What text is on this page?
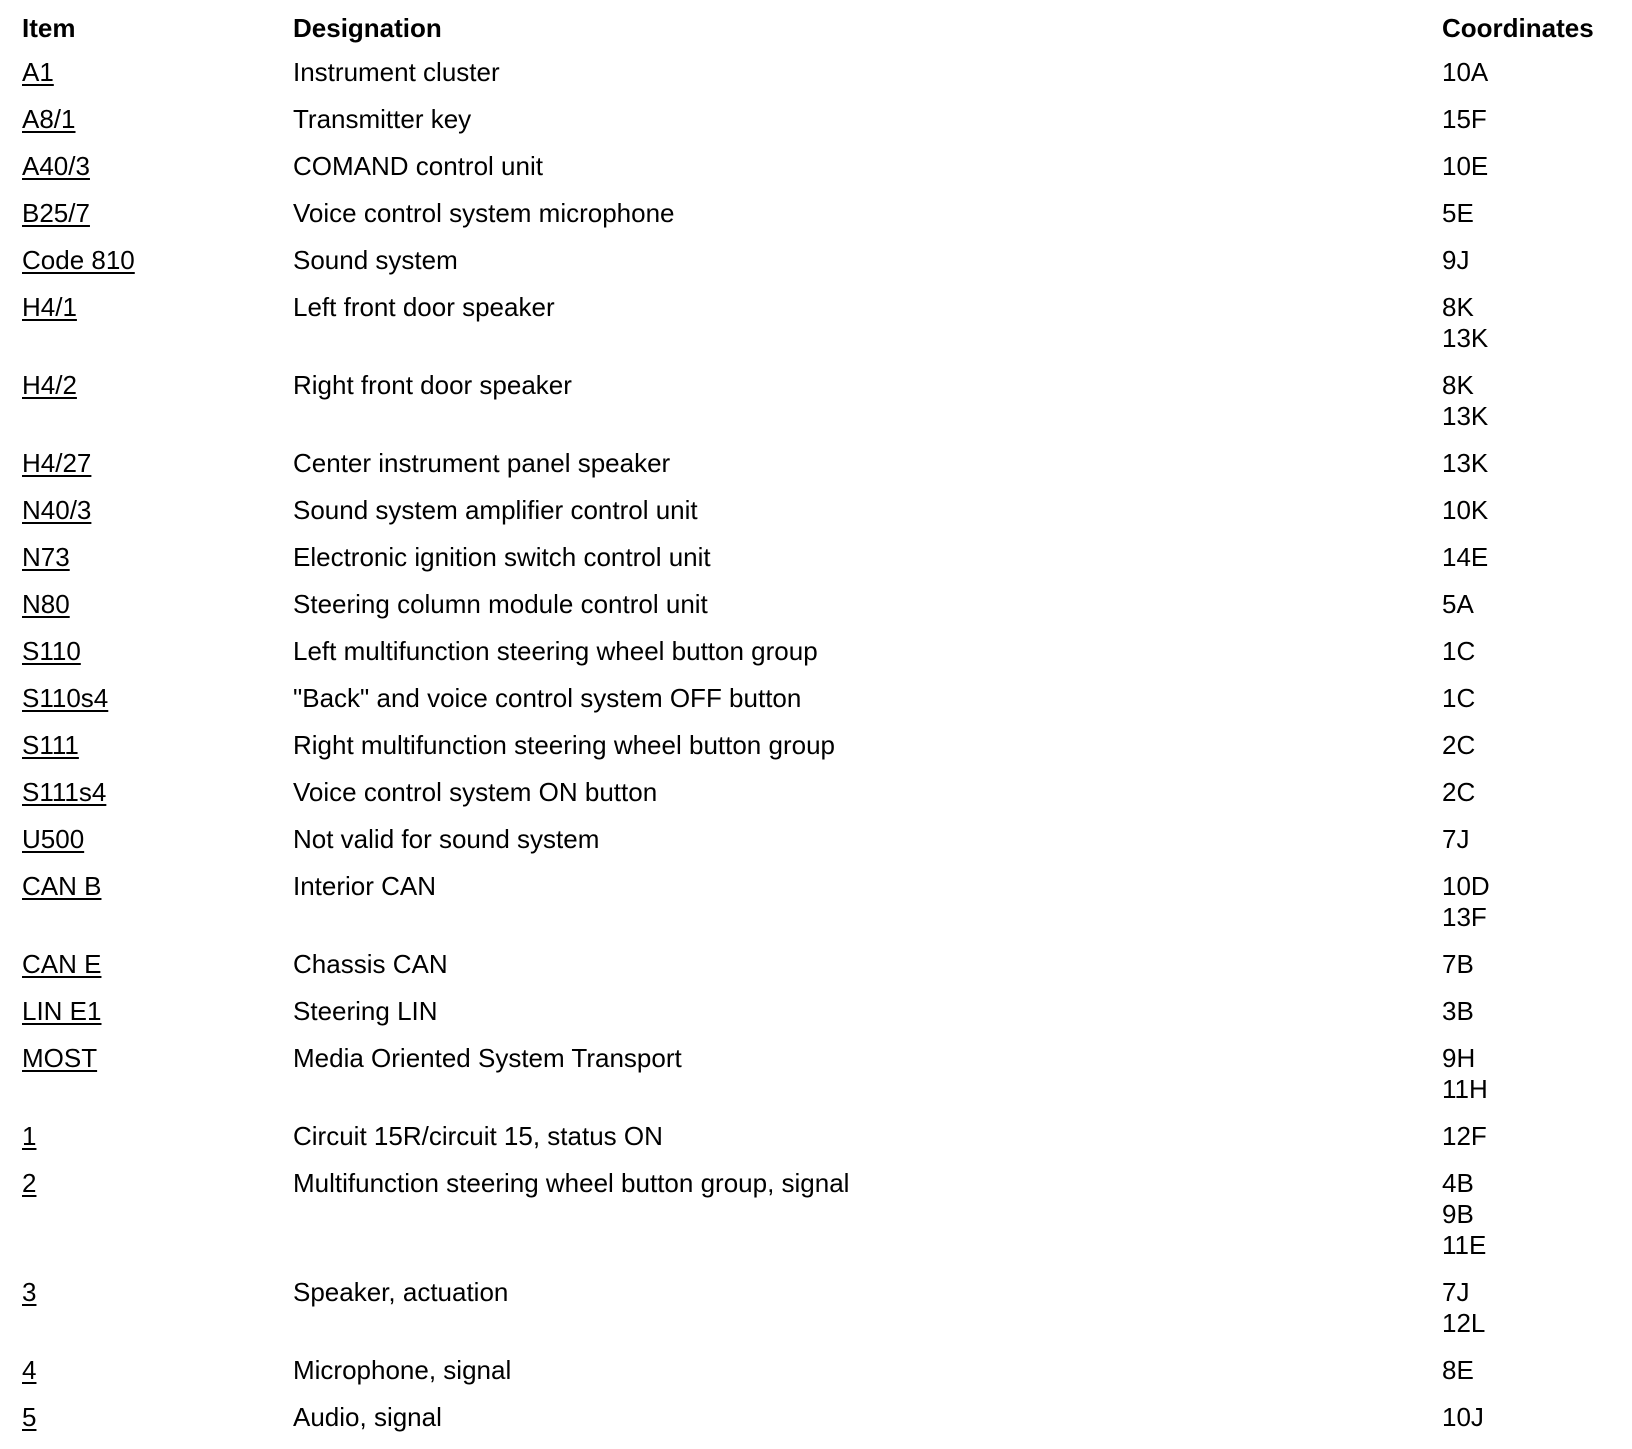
Item	Designation	Coordinates
A1	Instrument cluster	10A
A8/1	Transmitter key	15F
A40/3	COMAND control unit	10E
B25/7	Voice control system microphone	5E
Code 810	Sound system	9J
H4/1	Left front door speaker	8K
13K
H4/2	Right front door speaker	8K
13K
H4/27	Center instrument panel speaker	13K
N40/3	Sound system amplifier control unit	10K
N73	Electronic ignition switch control unit	14E
N80	Steering column module control unit	5A
S110	Left multifunction steering wheel button group	1C
S110s4	"Back" and voice control system OFF button	1C
S111	Right multifunction steering wheel button group	2C
S111s4	Voice control system ON button	2C
U500	Not valid for sound system	7J
CAN B	Interior CAN	10D
13F
CAN E	Chassis CAN	7B
LIN E1	Steering LIN	3B
MOST	Media Oriented System Transport	9H
11H
1	Circuit 15R/circuit 15, status ON	12F
2	Multifunction steering wheel button group, signal	4B
9B
11E
3	Speaker, actuation	7J
12L
4	Microphone, signal	8E
5	Audio, signal	10J
